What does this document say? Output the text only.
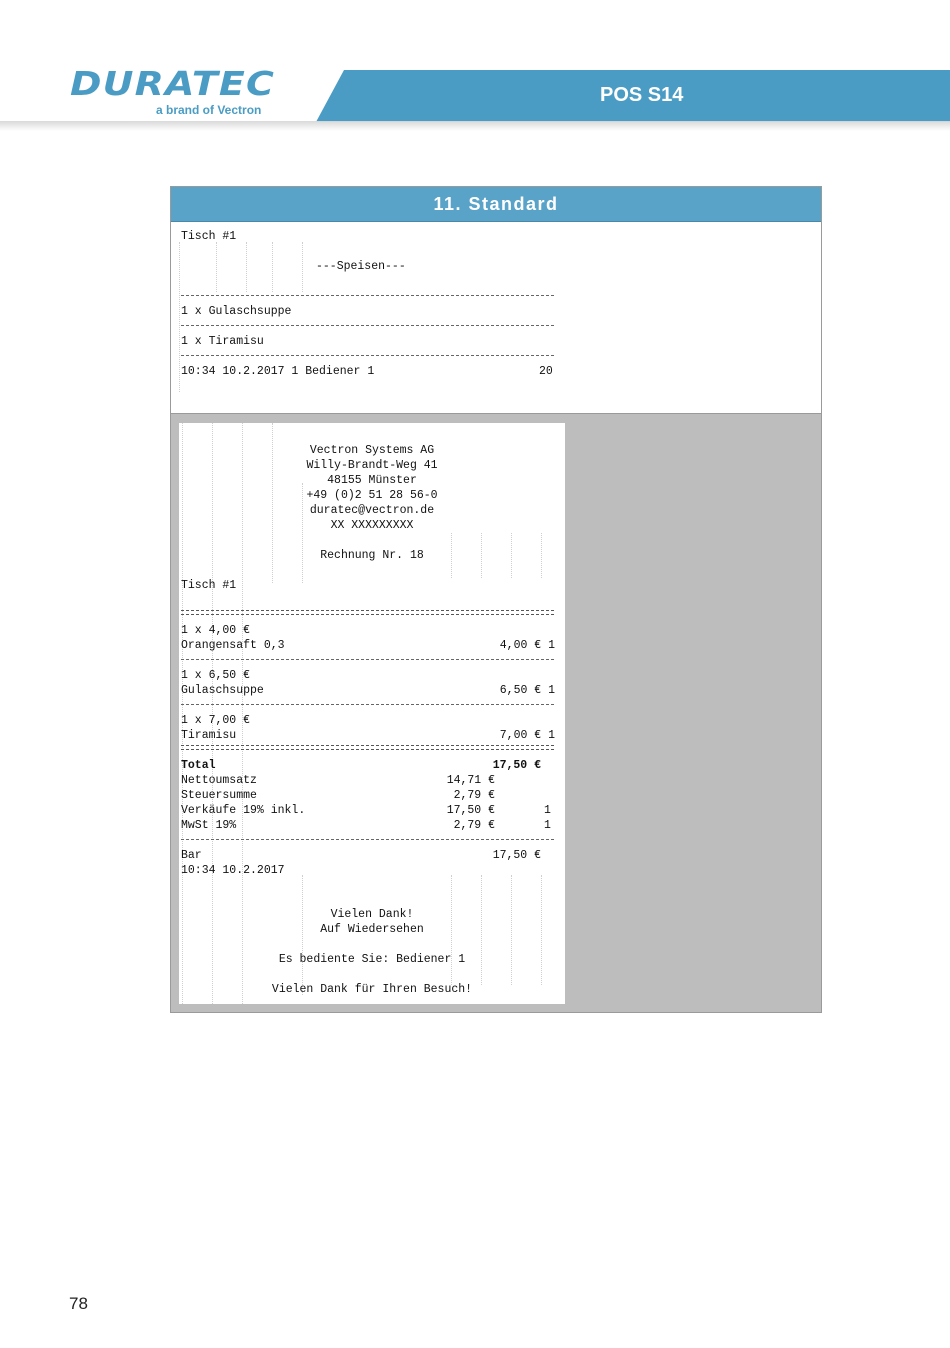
DURATEC
a brand of Vectron
POS S14
11. Standard
Tisch #1
---Speisen---
1 x Gulaschsuppe
1 x Tiramisu
10:34 10.2.2017 1 Bediener 1	20
Vectron Systems AG
Willy-Brandt-Weg 41
48155 Münster
+49 (0)2 51 28 56-0
duratec@vectron.de
XX XXXXXXXXX
Rechnung Nr. 18
Tisch #1
1 x 4,00 €
Orangensaft 0,3	4,00 € 1
1 x 6,50 €
Gulaschsuppe	6,50 € 1
1 x 7,00 €
Tiramisu	7,00 € 1
Total	17,50 €
Nettoumsatz	14,71 €
Steuersumme	2,79 €
Verkäufe 19% inkl.	17,50 €	1
MwSt 19%	2,79 €	1
Bar	17,50 €
10:34 10.2.2017
Vielen Dank!
Auf Wiedersehen
Es bediente Sie: Bediener 1
Vielen Dank für Ihren Besuch!
78
